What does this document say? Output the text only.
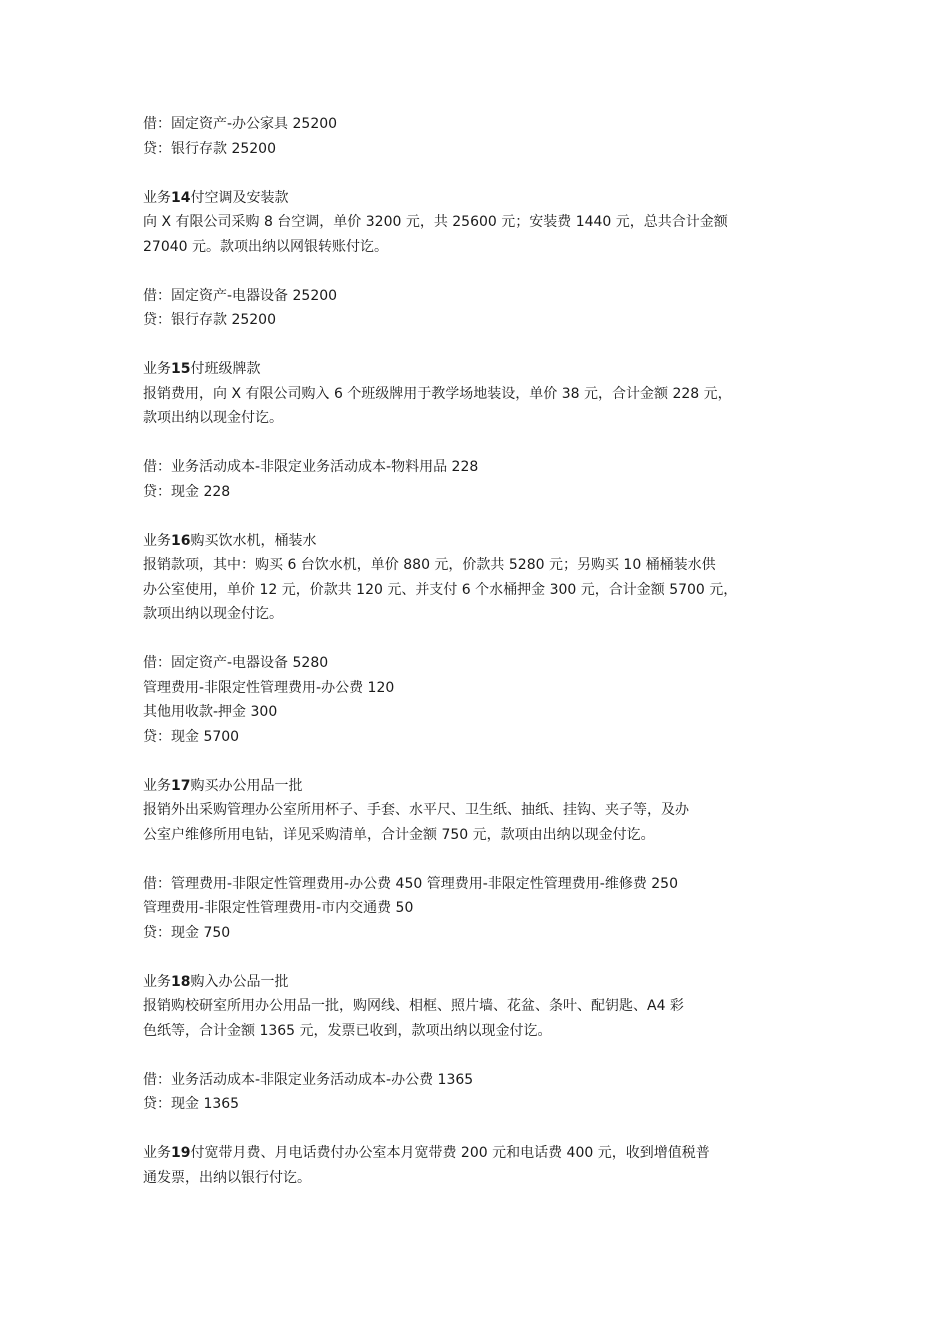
借：固定资产-办公家具 25200

贷：银行存款 25200

业务14付空调及安装款

向 X 有限公司采购 8 台空调，单价 3200 元，共 25600 元；安装费 1440 元，总共合计金额

27040 元。款项出纳以网银转账付讫。

借：固定资产-电器设备 25200

贷：银行存款 25200

业务15付班级牌款

报销费用，向 X 有限公司购入 6 个班级牌用于教学场地装设，单价 38 元，合计金额 228 元，

款项出纳以现金付讫。

借：业务活动成本-非限定业务活动成本-物料用品 228

贷：现金 228

业务16购买饮水机，桶装水

报销款项，其中：购买 6 台饮水机，单价 880 元，价款共 5280 元；另购买 10 桶桶装水供

办公室使用，单价 12 元，价款共 120 元、并支付 6 个水桶押金 300 元，合计金额 5700 元，

款项出纳以现金付讫。

借：固定资产-电器设备 5280

管理费用-非限定性管理费用-办公费 120

其他用收款-押金 300

贷：现金 5700

业务17购买办公用品一批

报销外出采购管理办公室所用杯子、手套、水平尺、卫生纸、抽纸、挂钩、夹子等，及办

公室户维修所用电钻，详见采购清单，合计金额 750 元，款项由出纳以现金付讫。

借：管理费用-非限定性管理费用-办公费 450 管理费用-非限定性管理费用-维修费 250

管理费用-非限定性管理费用-市内交通费 50

贷：现金 750

业务18购入办公品一批

报销购校研室所用办公用品一批，购网线、相框、照片墙、花盆、条叶、配钥匙、A4 彩

色纸等，合计金额 1365 元，发票已收到，款项出纳以现金付讫。

借：业务活动成本-非限定业务活动成本-办公费 1365

贷：现金 1365

业务19付宽带月费、月电话费付办公室本月宽带费 200 元和电话费 400 元，收到增值税普

通发票，出纳以银行付讫。
